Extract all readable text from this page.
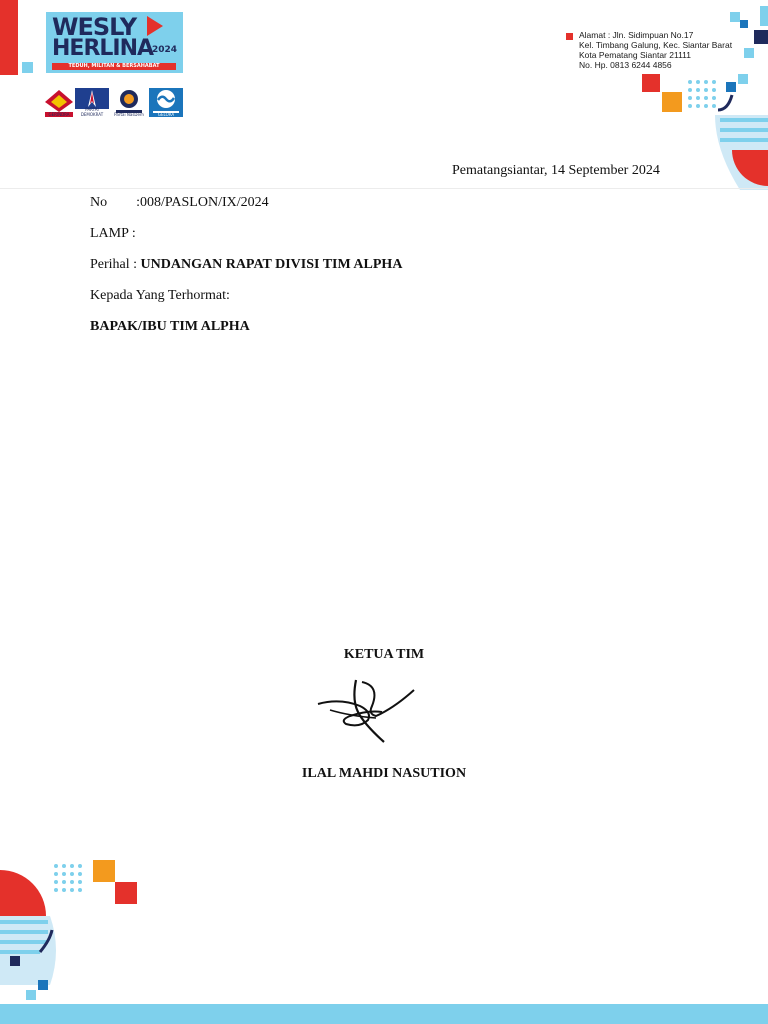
WESLY
HERLINA
2024
TEDUH, MILITAN & BERSAHABAT
GERINDRA
PARTAI DEMOKRAT	Partai NasDem	GELORA
Alamat : Jln. Sidimpuan No.17
Kel. Timbang Galung, Kec. Siantar Barat
Kota Pematang Siantar 21111
No. Hp. 0813 6244 4856
Pematangsiantar, 14 September 2024
No :008/PASLON/IX/2024
LAMP :
Perihal : UNDANGAN RAPAT DIVISI TIM ALPHA
Kepada Yang Terhormat:
BAPAK/IBU TIM ALPHA
KETUA TIM
ILAL MAHDI NASUTION
